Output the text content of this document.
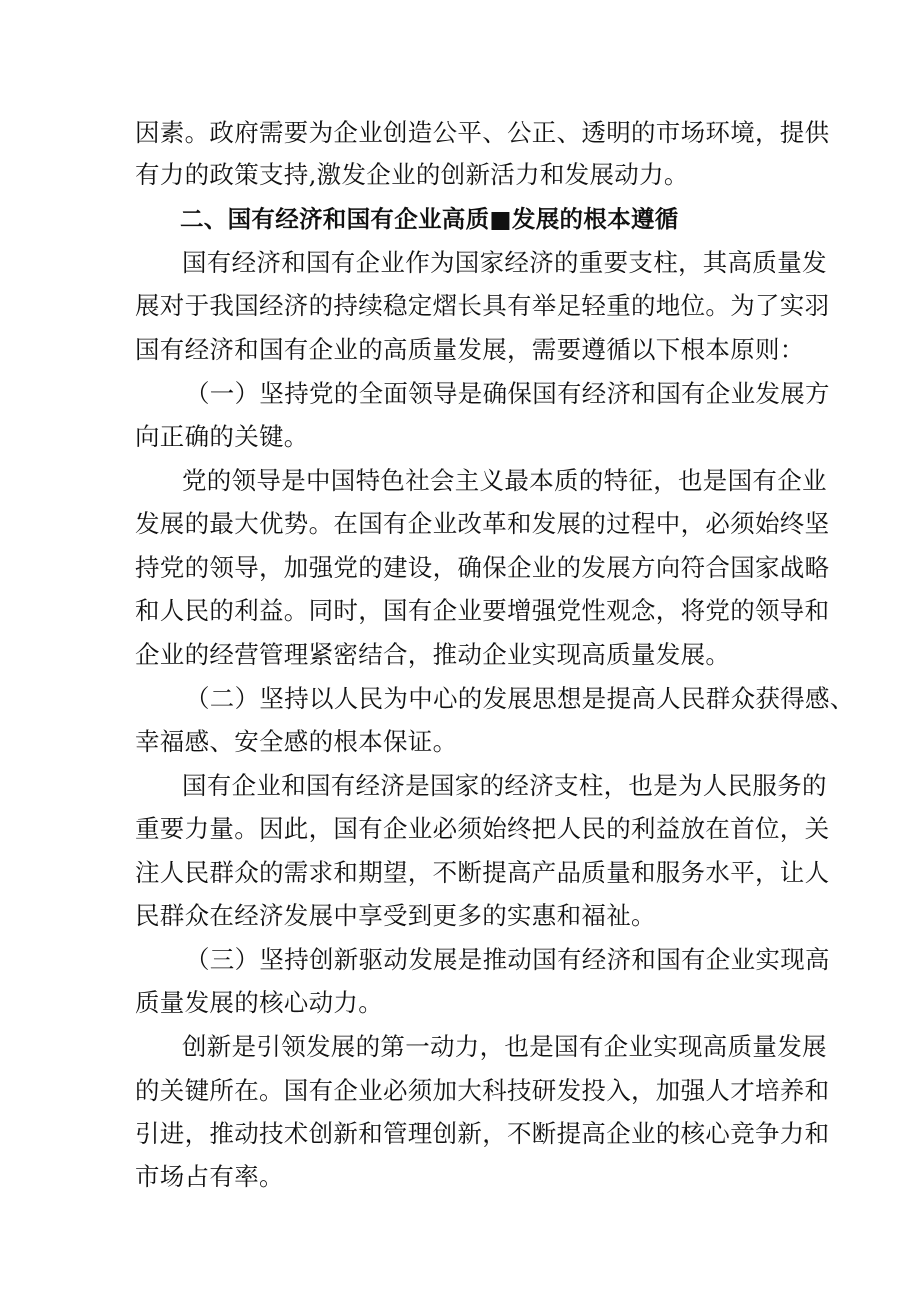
因素。政府需要为企业创造公平、公正、透明的市场环境，提供
有力的政策支持,激发企业的创新活力和发展动力。
二、国有经济和国有企业高质■发展的根本遵循
国有经济和国有企业作为国家经济的重要支柱，其高质量发
展对于我国经济的持续稳定熠长具有举足轻重的地位。为了实羽
国有经济和国有企业的高质量发展，需要遵循以下根本原则：
（一）坚持党的全面领导是确保国有经济和国有企业发展方
向正确的关键。
党的领导是中国特色社会主义最本质的特征，也是国有企业
发展的最大优势。在国有企业改革和发展的过程中，必须始终坚
持党的领导，加强党的建设，确保企业的发展方向符合国家战略
和人民的利益。同时，国有企业要增强党性观念，将党的领导和
企业的经营管理紧密结合，推动企业实现高质量发展。
（二）坚持以人民为中心的发展思想是提高人民群众获得感、
幸福感、安全感的根本保证。
国有企业和国有经济是国家的经济支柱，也是为人民服务的
重要力量。因此，国有企业必须始终把人民的利益放在首位，关
注人民群众的需求和期望，不断提高产品质量和服务水平，让人
民群众在经济发展中享受到更多的实惠和福祉。
（三）坚持创新驱动发展是推动国有经济和国有企业实现高
质量发展的核心动力。
创新是引领发展的第一动力，也是国有企业实现高质量发展
的关键所在。国有企业必须加大科技研发投入，加强人才培养和
引进，推动技术创新和管理创新，不断提高企业的核心竞争力和
市场占有率。
